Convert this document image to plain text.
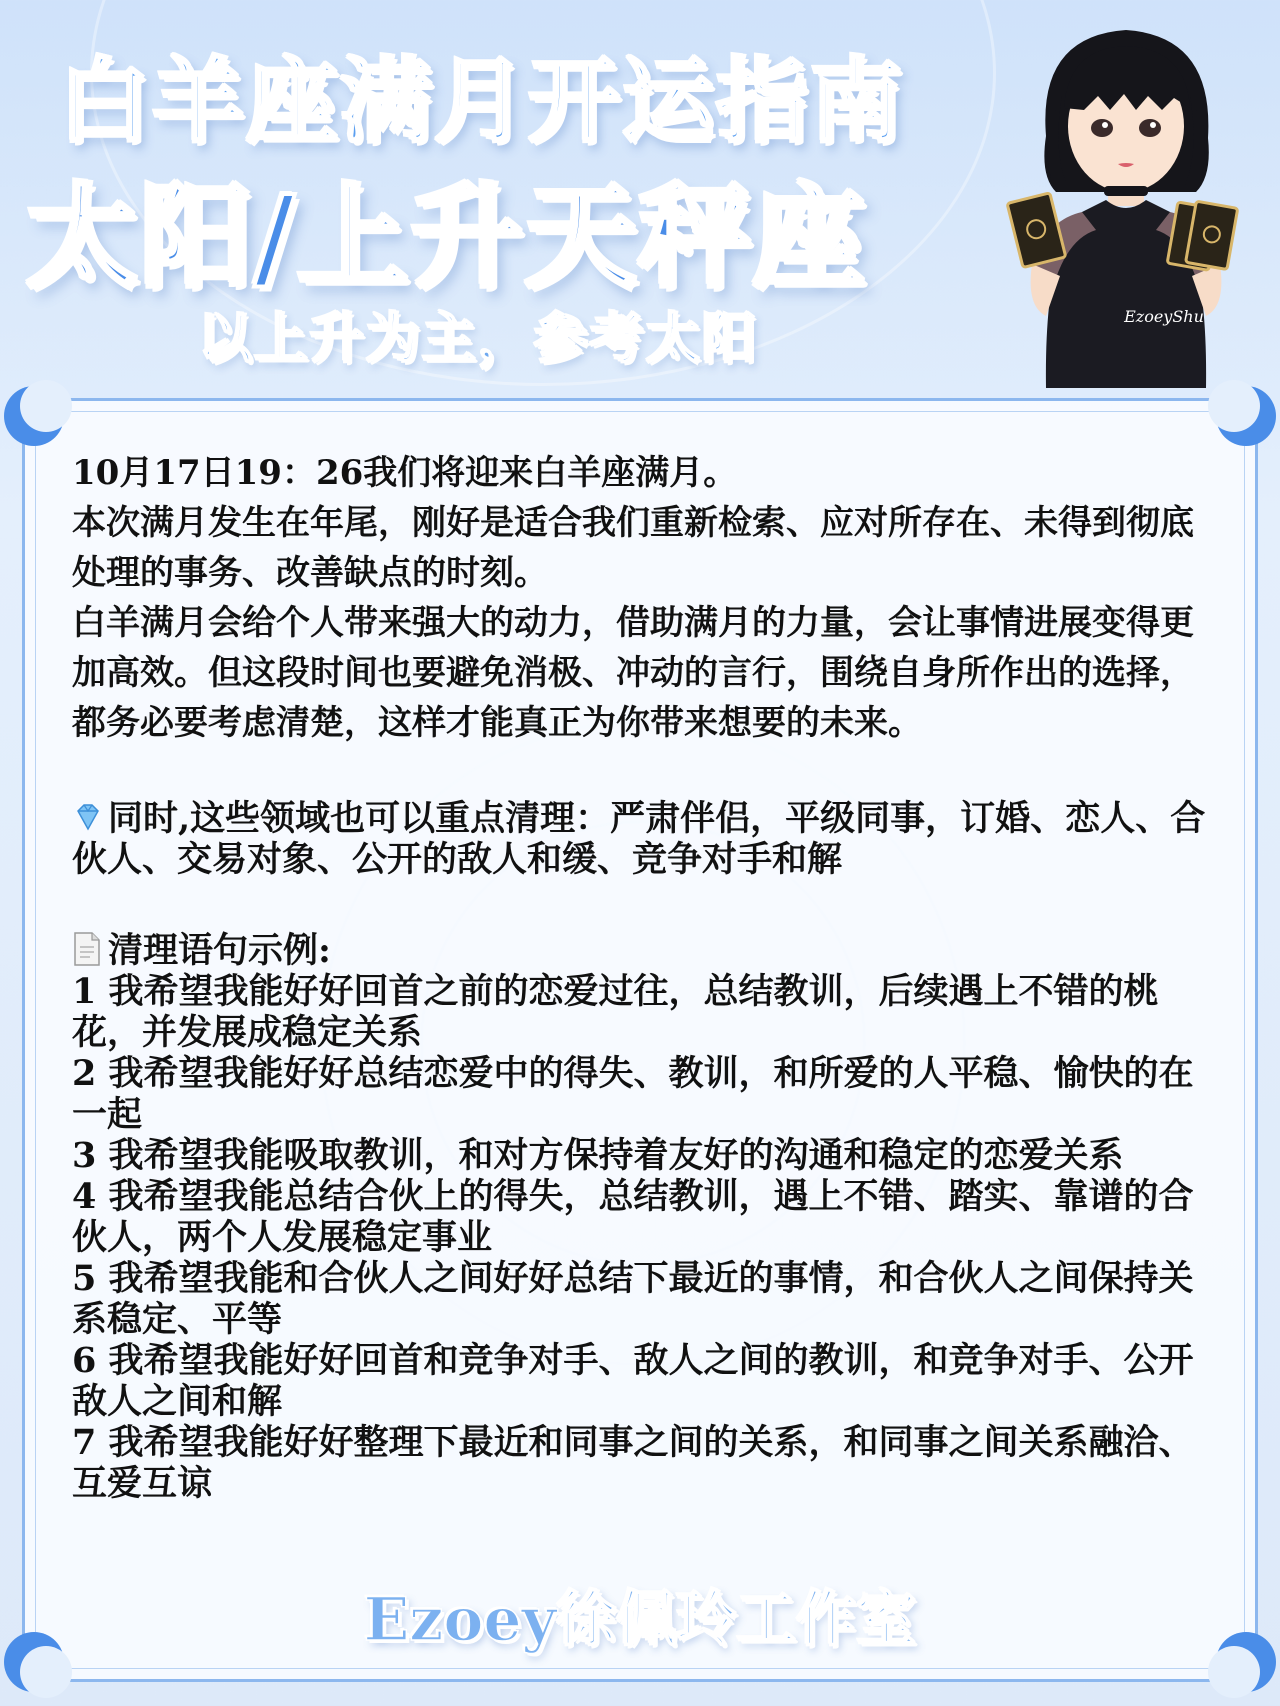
白羊座满月开运指南
太阳/上升天秤座
以上升为主，参考太阳	EzoeyShu

10月17日19：26我们将迎来白羊座满月。

本次满月发生在年尾，刚好是适合我们重新检索、应对所存在、未得到彻底处理的事务、改善缺点的时刻。

白羊满月会给个人带来强大的动力，借助满月的力量，会让事情进展变得更加高效。但这段时间也要避免消极、冲动的言行，围绕自身所作出的选择，都务必要考虑清楚，这样才能真正为你带来想要的未来。

同时,这些领域也可以重点清理：严肃伴侣，平级同事，订婚、恋人、合伙人、交易对象、公开的敌人和缓、竞争对手和解

清理语句示例:

1 我希望我能好好回首之前的恋爱过往，总结教训，后续遇上不错的桃花，并发展成稳定关系

2 我希望我能好好总结恋爱中的得失、教训，和所爱的人平稳、愉快的在一起

3 我希望我能吸取教训，和对方保持着友好的沟通和稳定的恋爱关系

4 我希望我能总结合伙上的得失，总结教训，遇上不错、踏实、靠谱的合伙人，两个人发展稳定事业

5 我希望我能和合伙人之间好好总结下最近的事情，和合伙人之间保持关系稳定、平等

6 我希望我能好好回首和竞争对手、敌人之间的教训，和竞争对手、公开敌人之间和解

7 我希望我能好好整理下最近和同事之间的关系，和同事之间关系融洽、互爱互谅

Ezoey徐佩玲工作室
